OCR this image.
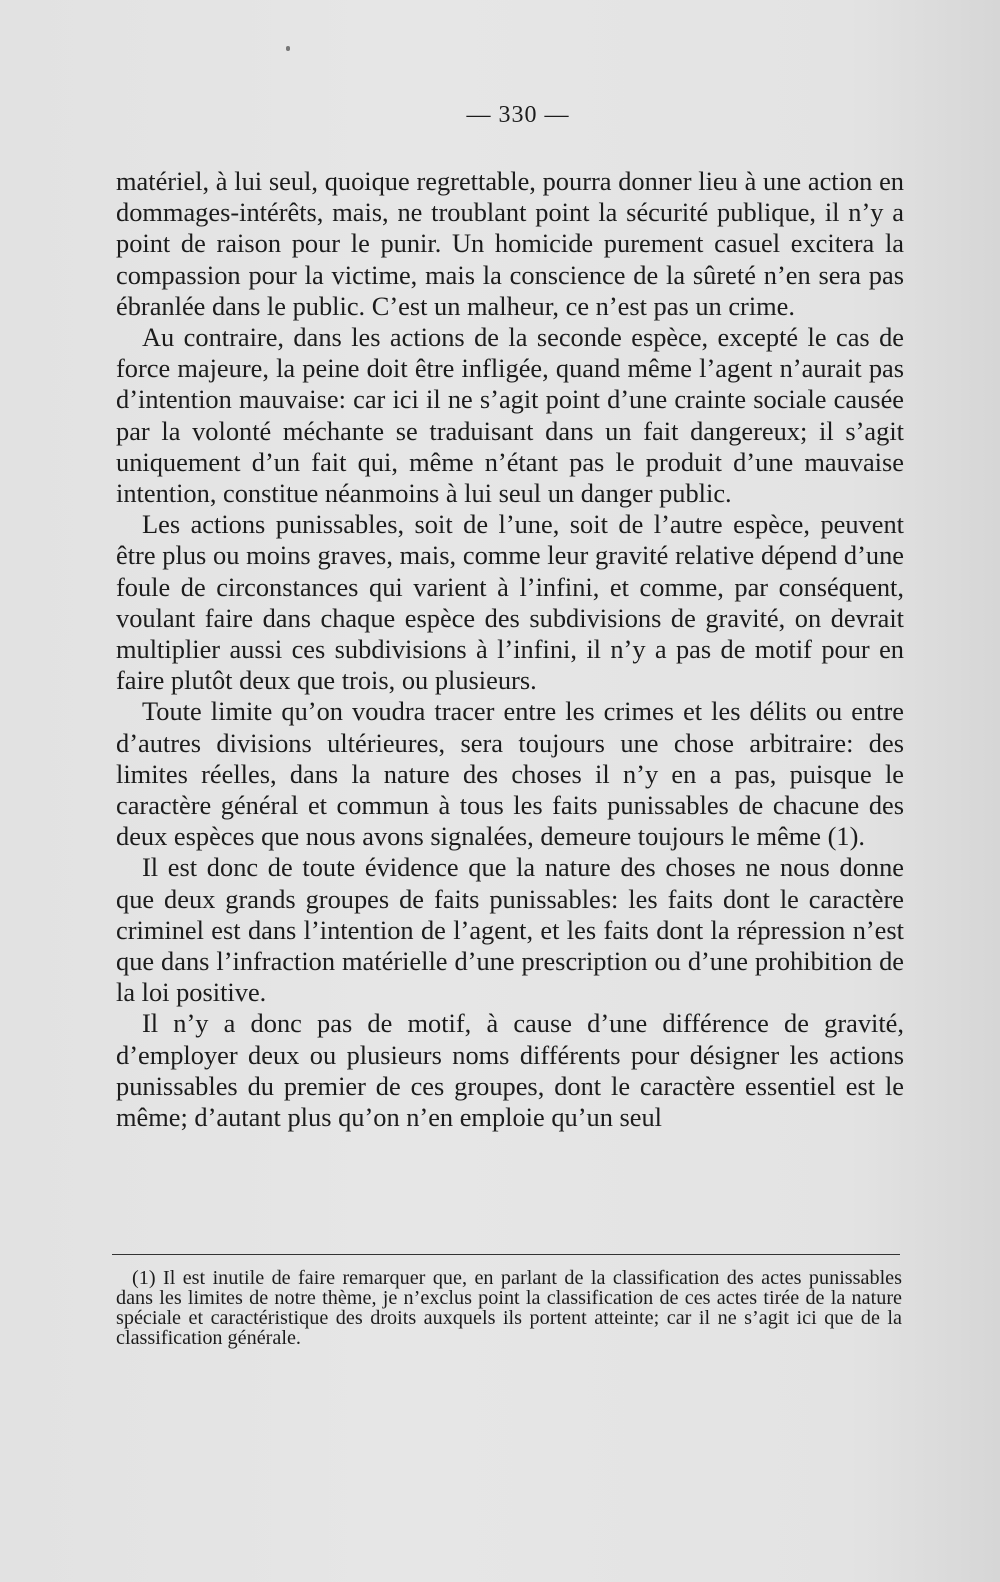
— 330 —

matériel, à lui seul, quoique regrettable, pourra donner lieu à une action en dommages-intérêts, mais, ne troublant point la sécurité publique, il n’y a point de raison pour le punir. Un homicide purement casuel excitera la compassion pour la victime, mais la conscience de la sûreté n’en sera pas ébranlée dans le public. C’est un malheur, ce n’est pas un crime.

Au contraire, dans les actions de la seconde espèce, excepté le cas de force majeure, la peine doit être infligée, quand même l’agent n’aurait pas d’intention mauvaise: car ici il ne s’agit point d’une crainte sociale causée par la volonté méchante se traduisant dans un fait dangereux; il s’agit uniquement d’un fait qui, même n’étant pas le produit d’une mauvaise intention, constitue néanmoins à lui seul un danger public.

Les actions punissables, soit de l’une, soit de l’autre espèce, peuvent être plus ou moins graves, mais, comme leur gravité relative dépend d’une foule de circonstances qui varient à l’infini, et comme, par conséquent, voulant faire dans chaque espèce des subdivisions de gravité, on devrait multiplier aussi ces subdivisions à l’infini, il n’y a pas de motif pour en faire plutôt deux que trois, ou plusieurs.

Toute limite qu’on voudra tracer entre les crimes et les délits ou entre d’autres divisions ultérieures, sera toujours une chose arbitraire: des limites réelles, dans la nature des choses il n’y en a pas, puisque le caractère général et commun à tous les faits punissables de chacune des deux espèces que nous avons signalées, demeure toujours le même (1).

Il est donc de toute évidence que la nature des choses ne nous donne que deux grands groupes de faits punissables: les faits dont le caractère criminel est dans l’intention de l’agent, et les faits dont la répression n’est que dans l’infraction matérielle d’une prescription ou d’une prohibition de la loi positive.

Il n’y a donc pas de motif, à cause d’une différence de gravité, d’employer deux ou plusieurs noms différents pour désigner les actions punissables du premier de ces groupes, dont le caractère essentiel est le même; d’autant plus qu’on n’en emploie qu’un seul

(1) Il est inutile de faire remarquer que, en parlant de la classification des actes punissables dans les limites de notre thème, je n’exclus point la classification de ces actes tirée de la nature spéciale et caractéristique des droits auxquels ils portent atteinte; car il ne s’agit ici que de la classification générale.
